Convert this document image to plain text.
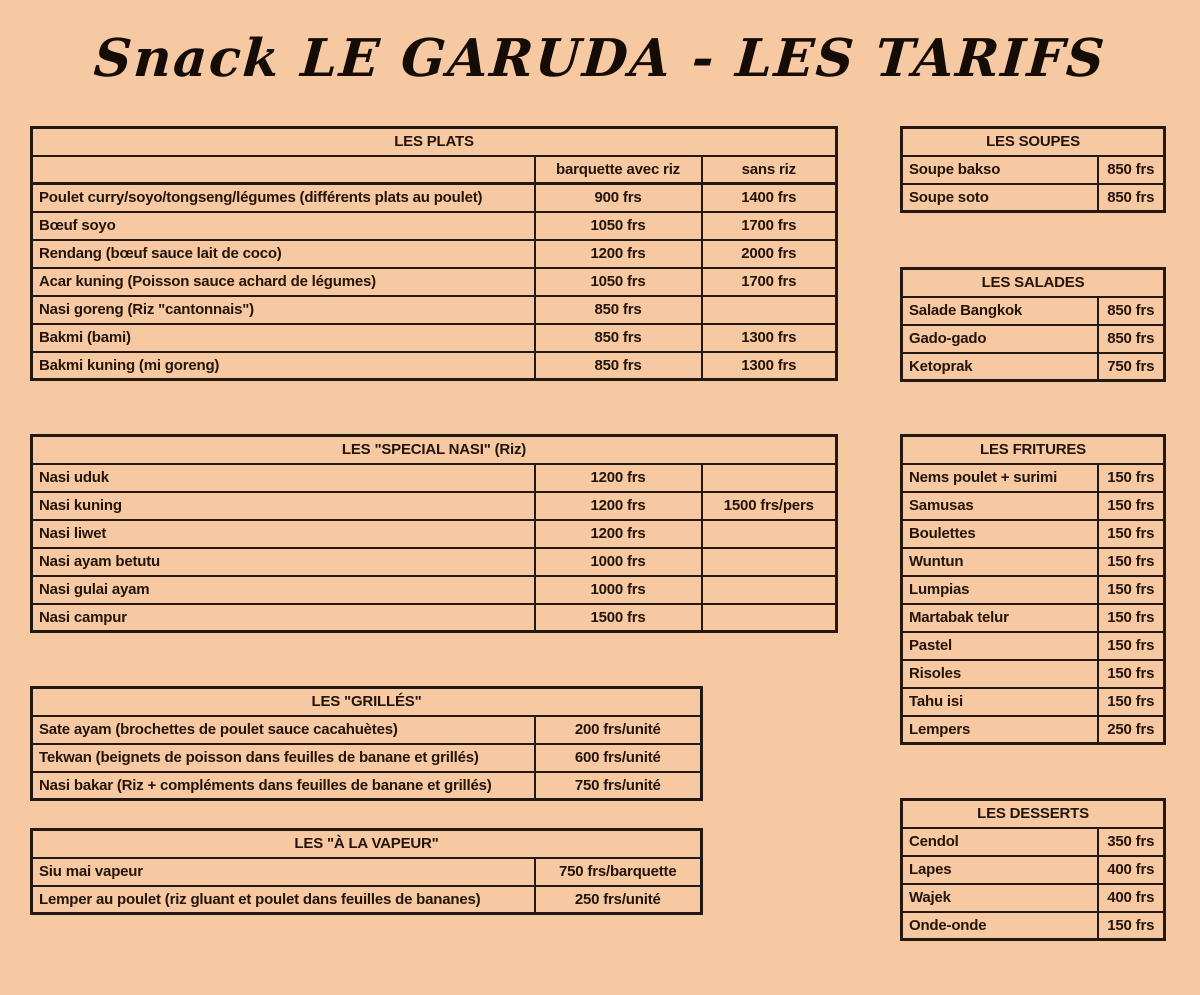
Snack LE GARUDA - LES TARIFS
LES PLATS		
	barquette avec riz	sans riz
Poulet curry/soyo/tongseng/légumes (différents plats au poulet)	900 frs	1400 frs
Bœuf soyo	1050 frs	1700 frs
Rendang (bœuf sauce lait de coco)	1200 frs	2000 frs
Acar kuning (Poisson sauce achard de légumes)	1050 frs	1700 frs
Nasi goreng (Riz "cantonnais")	850 frs	
Bakmi (bami)	850 frs	1300 frs
Bakmi kuning (mi goreng)	850 frs	1300 frs
LES "SPECIAL NASI" (Riz)		
Nasi uduk	1200 frs	
Nasi kuning	1200 frs	1500 frs/pers
Nasi liwet	1200 frs	
Nasi ayam betutu	1000 frs	
Nasi gulai ayam	1000 frs	
Nasi campur	1500 frs	
LES "GRILLÉS"	
Sate ayam (brochettes de poulet sauce cacahuètes)	200 frs/unité
Tekwan (beignets de poisson dans feuilles de banane et grillés)	600 frs/unité
Nasi bakar (Riz + compléments dans feuilles de banane et grillés)	750 frs/unité
LES "À LA VAPEUR"	
Siu mai vapeur	750 frs/barquette
Lemper au poulet (riz gluant et poulet dans feuilles de bananes)	250 frs/unité
LES SOUPES	
Soupe bakso	850 frs
Soupe soto	850 frs
LES SALADES	
Salade Bangkok	850 frs
Gado-gado	850 frs
Ketoprak	750 frs
LES FRITURES	
Nems poulet + surimi	150 frs
Samusas	150 frs
Boulettes	150 frs
Wuntun	150 frs
Lumpias	150 frs
Martabak telur	150 frs
Pastel	150 frs
Risoles	150 frs
Tahu isi	150 frs
Lempers	250 frs
LES DESSERTS	
Cendol	350 frs
Lapes	400 frs
Wajek	400 frs
Onde-onde	150 frs
